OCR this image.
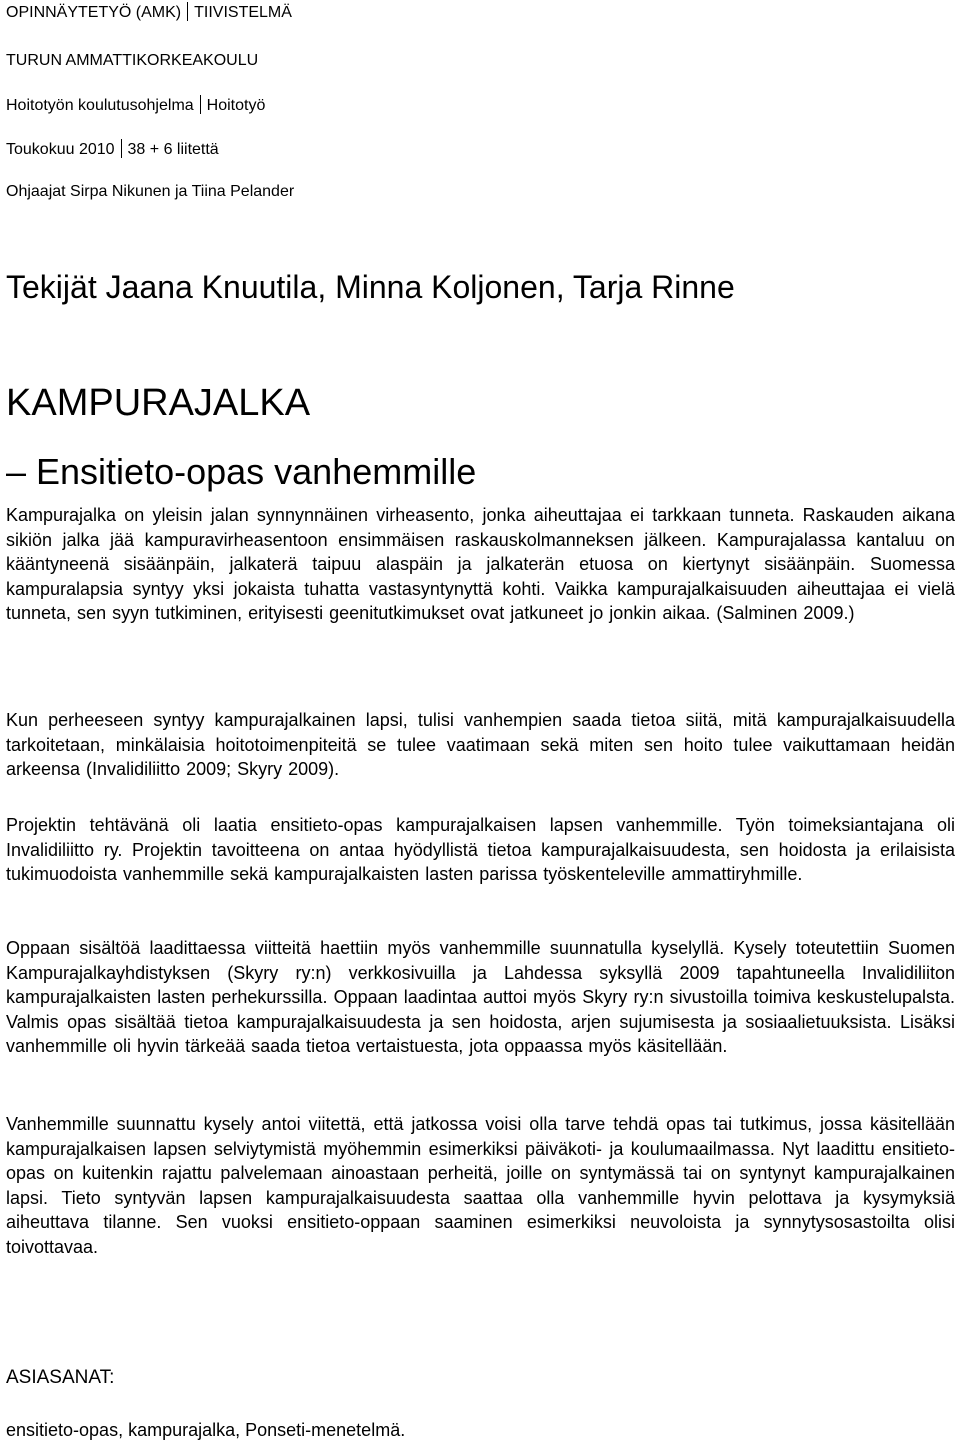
OPINNÄYTETYÖ (AMK) TIIVISTELMÄ
TURUN AMMATTIKORKEAKOULU
Hoitotyön koulutusohjelma Hoitotyö
Toukokuu 2010 38 + 6 liitettä
Ohjaajat Sirpa Nikunen ja Tiina Pelander
Tekijät Jaana Knuutila, Minna Koljonen, Tarja Rinne
KAMPURAJALKA
– Ensitieto-opas vanhemmille

Kampurajalka on yleisin jalan synnynnäinen virheasento, jonka aiheuttajaa ei tarkkaan tunneta. Raskauden aikana sikiön jalka jää kampuravirheasentoon ensimmäisen raskauskolmanneksen jälkeen. Kampurajalassa kantaluu on kääntyneenä sisäänpäin, jalkaterä taipuu alaspäin ja jalkaterän etuosa on kiertynyt sisäänpäin. Suomessa kampuralapsia syntyy yksi jokaista tuhatta vastasyntynyttä kohti. Vaikka kampurajalkaisuuden aiheuttajaa ei vielä tunneta, sen syyn tutkiminen, erityisesti geenitutkimukset ovat jatkuneet jo jonkin aikaa. (Salminen 2009.)

Kun perheeseen syntyy kampurajalkainen lapsi, tulisi vanhempien saada tietoa siitä, mitä kampurajalkaisuudella tarkoitetaan, minkälaisia hoitotoimenpiteitä se tulee vaatimaan sekä miten sen hoito tulee vaikuttamaan heidän arkeensa (Invalidiliitto 2009; Skyry 2009).

Projektin tehtävänä oli laatia ensitieto-opas kampurajalkaisen lapsen vanhemmille. Työn toimeksiantajana oli Invalidiliitto ry. Projektin tavoitteena on antaa hyödyllistä tietoa kampurajalkaisuudesta, sen hoidosta ja erilaisista tukimuodoista vanhemmille sekä kampurajalkaisten lasten parissa työskenteleville ammattiryhmille.

Oppaan sisältöä laadittaessa viitteitä haettiin myös vanhemmille suunnatulla kyselyllä. Kysely toteutettiin Suomen Kampurajalkayhdistyksen (Skyry ry:n) verkkosivuilla ja Lahdessa syksyllä 2009 tapahtuneella Invalidiliiton kampurajalkaisten lasten perhekurssilla. Oppaan laadintaa auttoi myös Skyry ry:n sivustoilla toimiva keskustelupalsta. Valmis opas sisältää tietoa kampurajalkaisuudesta ja sen hoidosta, arjen sujumisesta ja sosiaalietuuksista. Lisäksi vanhemmille oli hyvin tärkeää saada tietoa vertaistuesta, jota oppaassa myös käsitellään.

Vanhemmille suunnattu kysely antoi viitettä, että jatkossa voisi olla tarve tehdä opas tai tutkimus, jossa käsitellään kampurajalkaisen lapsen selviytymistä myöhemmin esimerkiksi päiväkoti- ja koulumaailmassa. Nyt laadittu ensitieto-opas on kuitenkin rajattu palvelemaan ainoastaan perheitä, joille on syntymässä tai on syntynyt kampurajalkainen lapsi. Tieto syntyvän lapsen kampurajalkaisuudesta saattaa olla vanhemmille hyvin pelottava ja kysymyksiä aiheuttava tilanne. Sen vuoksi ensitieto-oppaan saaminen esimerkiksi neuvoloista ja synnytysosastoilta olisi toivottavaa.

ASIASANAT:
ensitieto-opas, kampurajalka, Ponseti-menetelmä.
